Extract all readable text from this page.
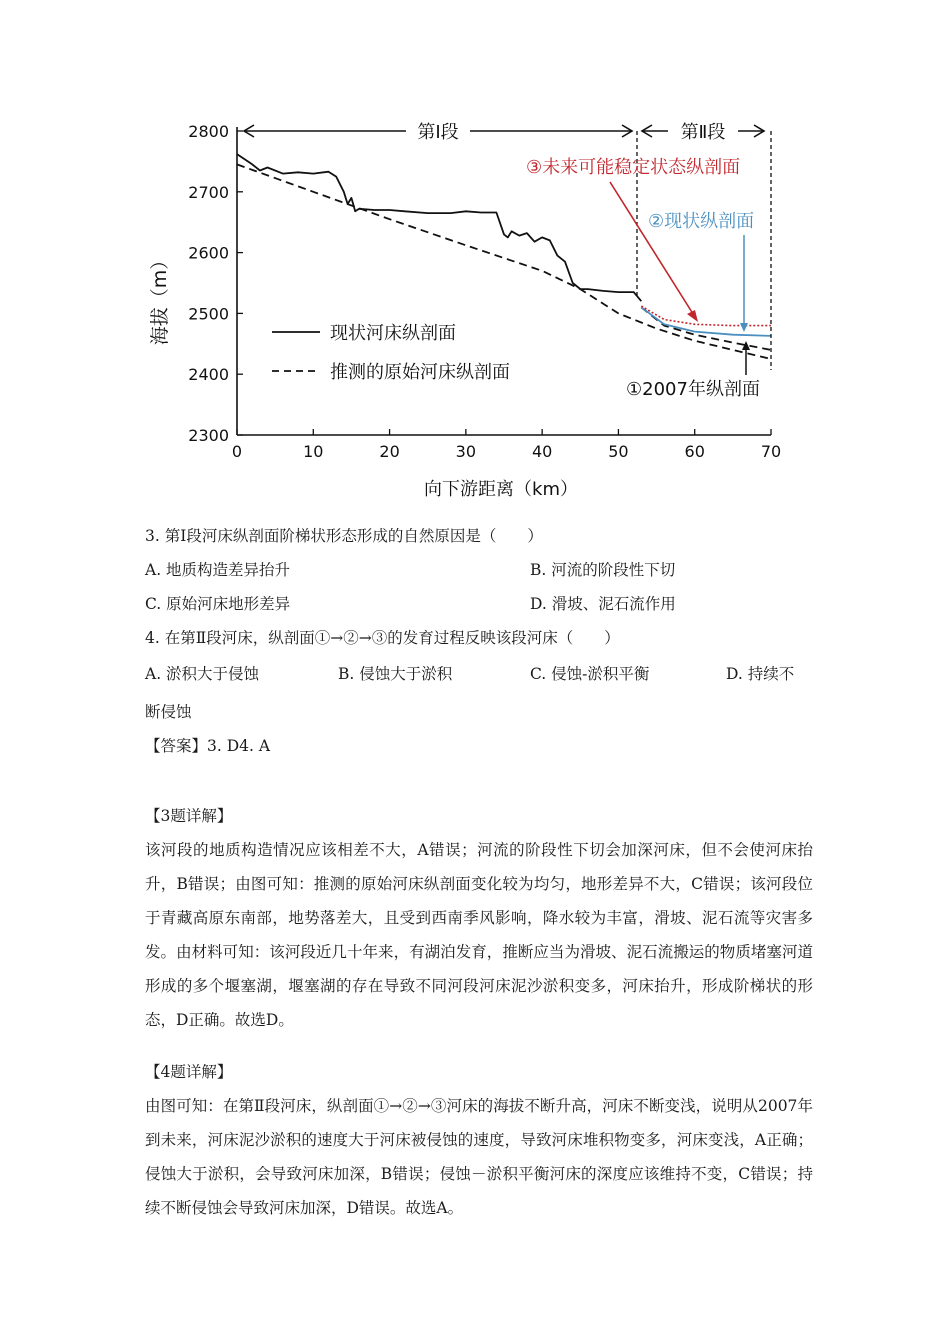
海拔（m）
向下游距离（km）
0	10	20	30	40	50	60	70
2800
2700
2600
2500
2400
2300
第Ⅰ段	第Ⅱ段
③未来可能稳定状态纵剖面
②现状纵剖面
①2007年纵剖面
现状河床纵剖面
推测的原始河床纵剖面
3. 第Ⅰ段河床纵剖面阶梯状形态形成的自然原因是（　　）
A. 地质构造差异抬升	B. 河流的阶段性下切
C. 原始河床地形差异	D. 滑坡、泥石流作用
4. 在第Ⅱ段河床，纵剖面①→②→③的发育过程反映该段河床（　　）
A. 淤积大于侵蚀	B. 侵蚀大于淤积	C. 侵蚀-淤积平衡	D. 持续不
断侵蚀
【答案】3. D4. A
【3题详解】
该河段的地质构造情况应该相差不大，A错误；河流的阶段性下切会加深河床，但不会使河床抬升，B错误；由图可知：推测的原始河床纵剖面变化较为均匀，地形差异不大，C错误；该河段位于青藏高原东南部，地势落差大，且受到西南季风影响，降水较为丰富，滑坡、泥石流等灾害多发。由材料可知：该河段近几十年来，有湖泊发育，推断应当为滑坡、泥石流搬运的物质堵塞河道形成的多个堰塞湖，堰塞湖的存在导致不同河段河床泥沙淤积变多，河床抬升，形成阶梯状的形态，D正确。故选D。
【4题详解】
由图可知：在第Ⅱ段河床，纵剖面①→②→③河床的海拔不断升高，河床不断变浅，说明从2007年到未来，河床泥沙淤积的速度大于河床被侵蚀的速度，导致河床堆积物变多，河床变浅，A正确；侵蚀大于淤积，会导致河床加深，B错误；侵蚀－淤积平衡河床的深度应该维持不变，C错误；持续不断侵蚀会导致河床加深，D错误。故选A。
